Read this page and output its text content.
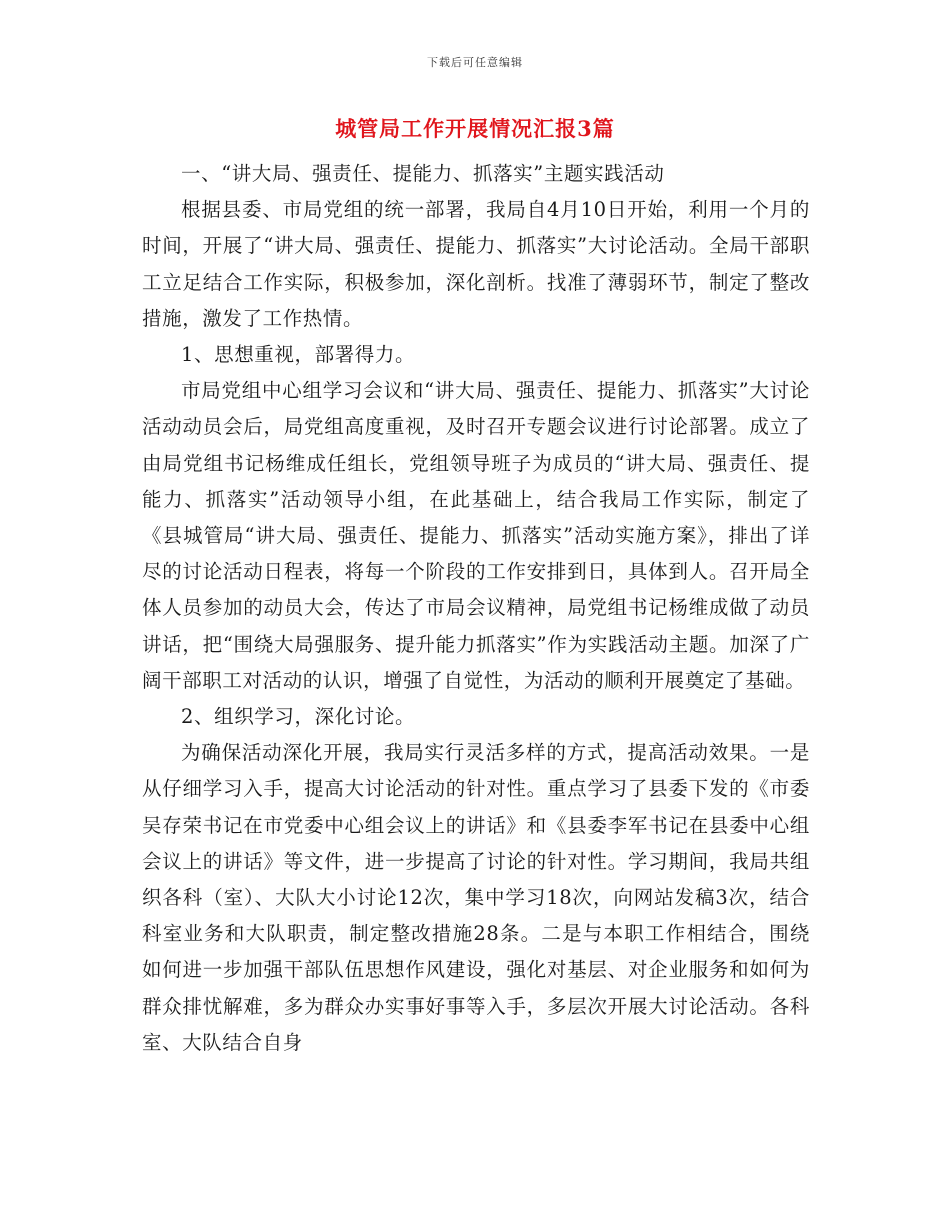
下载后可任意编辑
城管局工作开展情况汇报3篇

一、“讲大局、强责任、提能力、抓落实”主题实践活动

根据县委、市局党组的统一部署，我局自4月10日开始，利用一个月的时间，开展了“讲大局、强责任、提能力、抓落实”大讨论活动。全局干部职工立足结合工作实际，积极参加，深化剖析。找准了薄弱环节，制定了整改措施，激发了工作热情。

1、思想重视，部署得力。

市局党组中心组学习会议和“讲大局、强责任、提能力、抓落实”大讨论活动动员会后，局党组高度重视，及时召开专题会议进行讨论部署。成立了由局党组书记杨维成任组长，党组领导班子为成员的“讲大局、强责任、提能力、抓落实”活动领导小组，在此基础上，结合我局工作实际，制定了《县城管局“讲大局、强责任、提能力、抓落实”活动实施方案》，排出了详尽的讨论活动日程表，将每一个阶段的工作安排到日，具体到人。召开局全体人员参加的动员大会，传达了市局会议精神，局党组书记杨维成做了动员讲话，把“围绕大局强服务、提升能力抓落实”作为实践活动主题。加深了广阔干部职工对活动的认识，增强了自觉性，为活动的顺利开展奠定了基础。

2、组织学习，深化讨论。

为确保活动深化开展，我局实行灵活多样的方式，提高活动效果。一是从仔细学习入手，提高大讨论活动的针对性。重点学习了县委下发的《市委吴存荣书记在市党委中心组会议上的讲话》和《县委李军书记在县委中心组会议上的讲话》等文件，进一步提高了讨论的针对性。学习期间，我局共组织各科（室）、大队大小讨论12次，集中学习18次，向网站发稿3次，结合科室业务和大队职责，制定整改措施28条。二是与本职工作相结合，围绕如何进一步加强干部队伍思想作风建设，强化对基层、对企业服务和如何为群众排忧解难，多为群众办实事好事等入手，多层次开展大讨论活动。各科室、大队结合自身
